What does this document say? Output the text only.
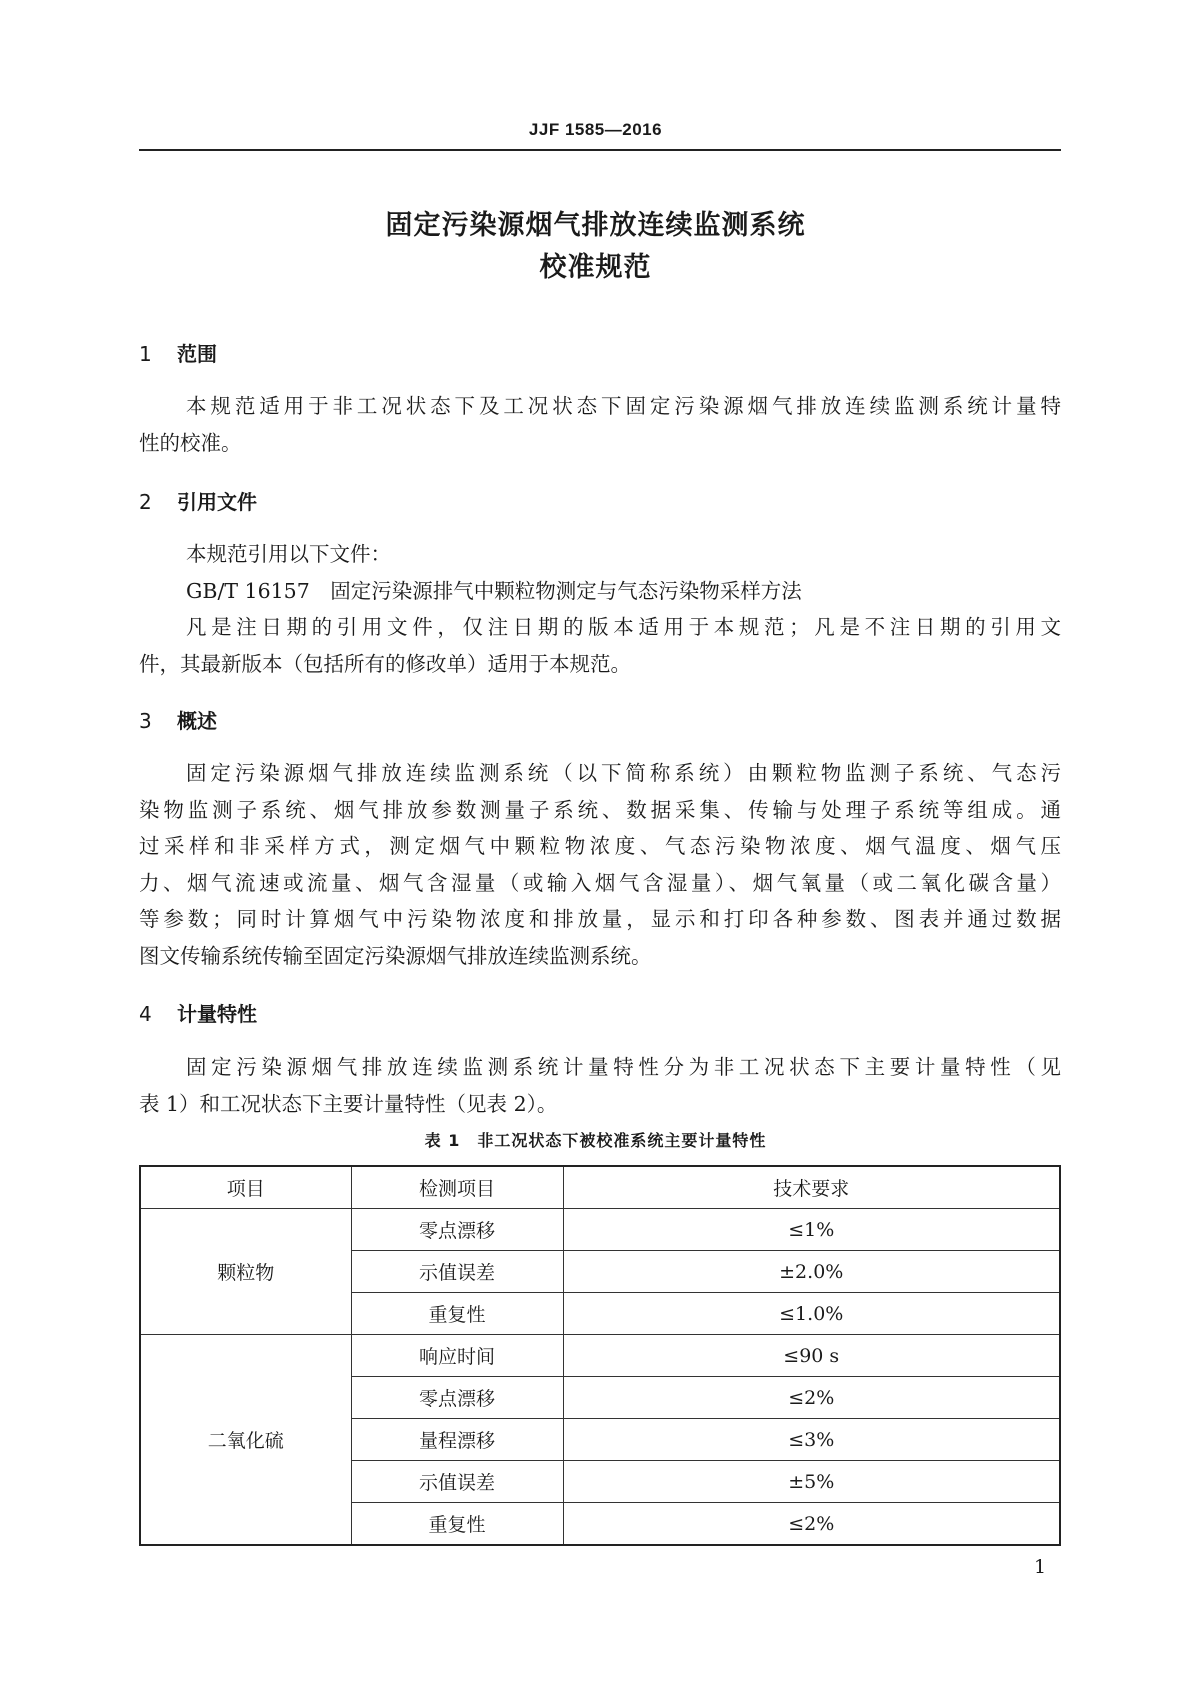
JJF 1585—2016
固定污染源烟气排放连续监测系统
校准规范
1 范围
本规范适用于非工况状态下及工况状态下固定污染源烟气排放连续监测系统计量特
性的校准。
2 引用文件
本规范引用以下文件：
GB/T 16157　固定污染源排气中颗粒物测定与气态污染物采样方法
凡是注日期的引用文件，仅注日期的版本适用于本规范；凡是不注日期的引用文
件，其最新版本（包括所有的修改单）适用于本规范。
3 概述
固定污染源烟气排放连续监测系统（以下简称系统）由颗粒物监测子系统、气态污
染物监测子系统、烟气排放参数测量子系统、数据采集、传输与处理子系统等组成。通
过采样和非采样方式，测定烟气中颗粒物浓度、气态污染物浓度、烟气温度、烟气压
力、烟气流速或流量、烟气含湿量（或输入烟气含湿量）、烟气氧量（或二氧化碳含量）
等参数；同时计算烟气中污染物浓度和排放量，显示和打印各种参数、图表并通过数据
图文传输系统传输至固定污染源烟气排放连续监测系统。
4 计量特性
固定污染源烟气排放连续监测系统计量特性分为非工况状态下主要计量特性（见
表 1）和工况状态下主要计量特性（见表 2）。
表 1　非工况状态下被校准系统主要计量特性
项目	检测项目	技术要求
颗粒物	零点漂移	≤1%
	示值误差	±2.0%
	重复性	≤1.0%
二氧化硫	响应时间	≤90 s
	零点漂移	≤2%
	量程漂移	≤3%
	示值误差	±5%
	重复性	≤2%
1
